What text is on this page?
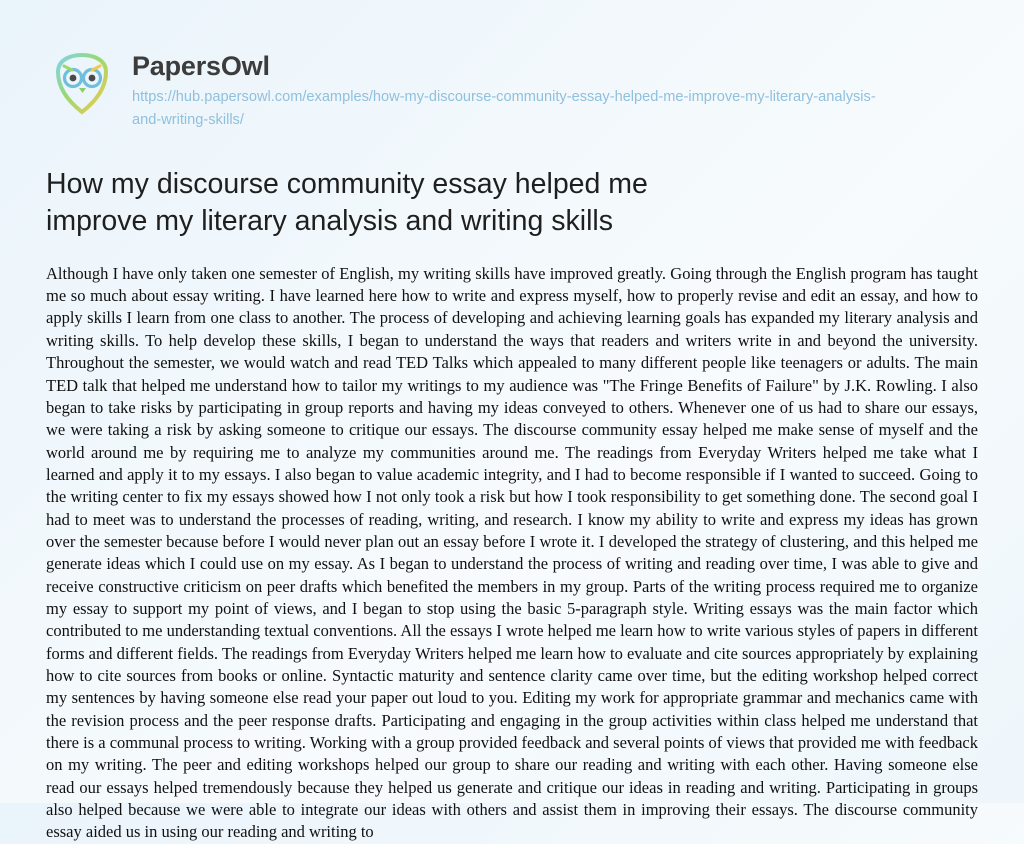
PapersOwl
https://hub.papersowl.com/examples/how-my-discourse-community-essay-helped-me-improve-my-literary-analysis-and-writing-skills/
How my discourse community essay helped me improve my literary analysis and writing skills
Although I have only taken one semester of English, my writing skills have improved greatly. Going through the English program has taught me so much about essay writing. I have learned here how to write and express myself, how to properly revise and edit an essay, and how to apply skills I learn from one class to another. The process of developing and achieving learning goals has expanded my literary analysis and writing skills. To help develop these skills, I began to understand the ways that readers and writers write in and beyond the university. Throughout the semester, we would watch and read TED Talks which appealed to many different people like teenagers or adults. The main TED talk that helped me understand how to tailor my writings to my audience was "The Fringe Benefits of Failure" by J.K. Rowling. I also began to take risks by participating in group reports and having my ideas conveyed to others. Whenever one of us had to share our essays, we were taking a risk by asking someone to critique our essays. The discourse community essay helped me make sense of myself and the world around me by requiring me to analyze my communities around me. The readings from Everyday Writers helped me take what I learned and apply it to my essays. I also began to value academic integrity, and I had to become responsible if I wanted to succeed. Going to the writing center to fix my essays showed how I not only took a risk but how I took responsibility to get something done. The second goal I had to meet was to understand the processes of reading, writing, and research. I know my ability to write and express my ideas has grown over the semester because before I would never plan out an essay before I wrote it. I developed the strategy of clustering, and this helped me generate ideas which I could use on my essay. As I began to understand the process of writing and reading over time, I was able to give and receive constructive criticism on peer drafts which benefited the members in my group. Parts of the writing process required me to organize my essay to support my point of views, and I began to stop using the basic 5-paragraph style. Writing essays was the main factor which contributed to me understanding textual conventions. All the essays I wrote helped me learn how to write various styles of papers in different forms and different fields. The readings from Everyday Writers helped me learn how to evaluate and cite sources appropriately by explaining how to cite sources from books or online. Syntactic maturity and sentence clarity came over time, but the editing workshop helped correct my sentences by having someone else read your paper out loud to you. Editing my work for appropriate grammar and mechanics came with the revision process and the peer response drafts. Participating and engaging in the group activities within class helped me understand that there is a communal process to writing. Working with a group provided feedback and several points of views that provided me with feedback on my writing. The peer and editing workshops helped our group to share our reading and writing with each other. Having someone else read our essays helped tremendously because they helped us generate and critique our ideas in reading and writing. Participating in groups also helped because we were able to integrate our ideas with others and assist them in improving their essays. The discourse community essay aided us in using our reading and writing to
